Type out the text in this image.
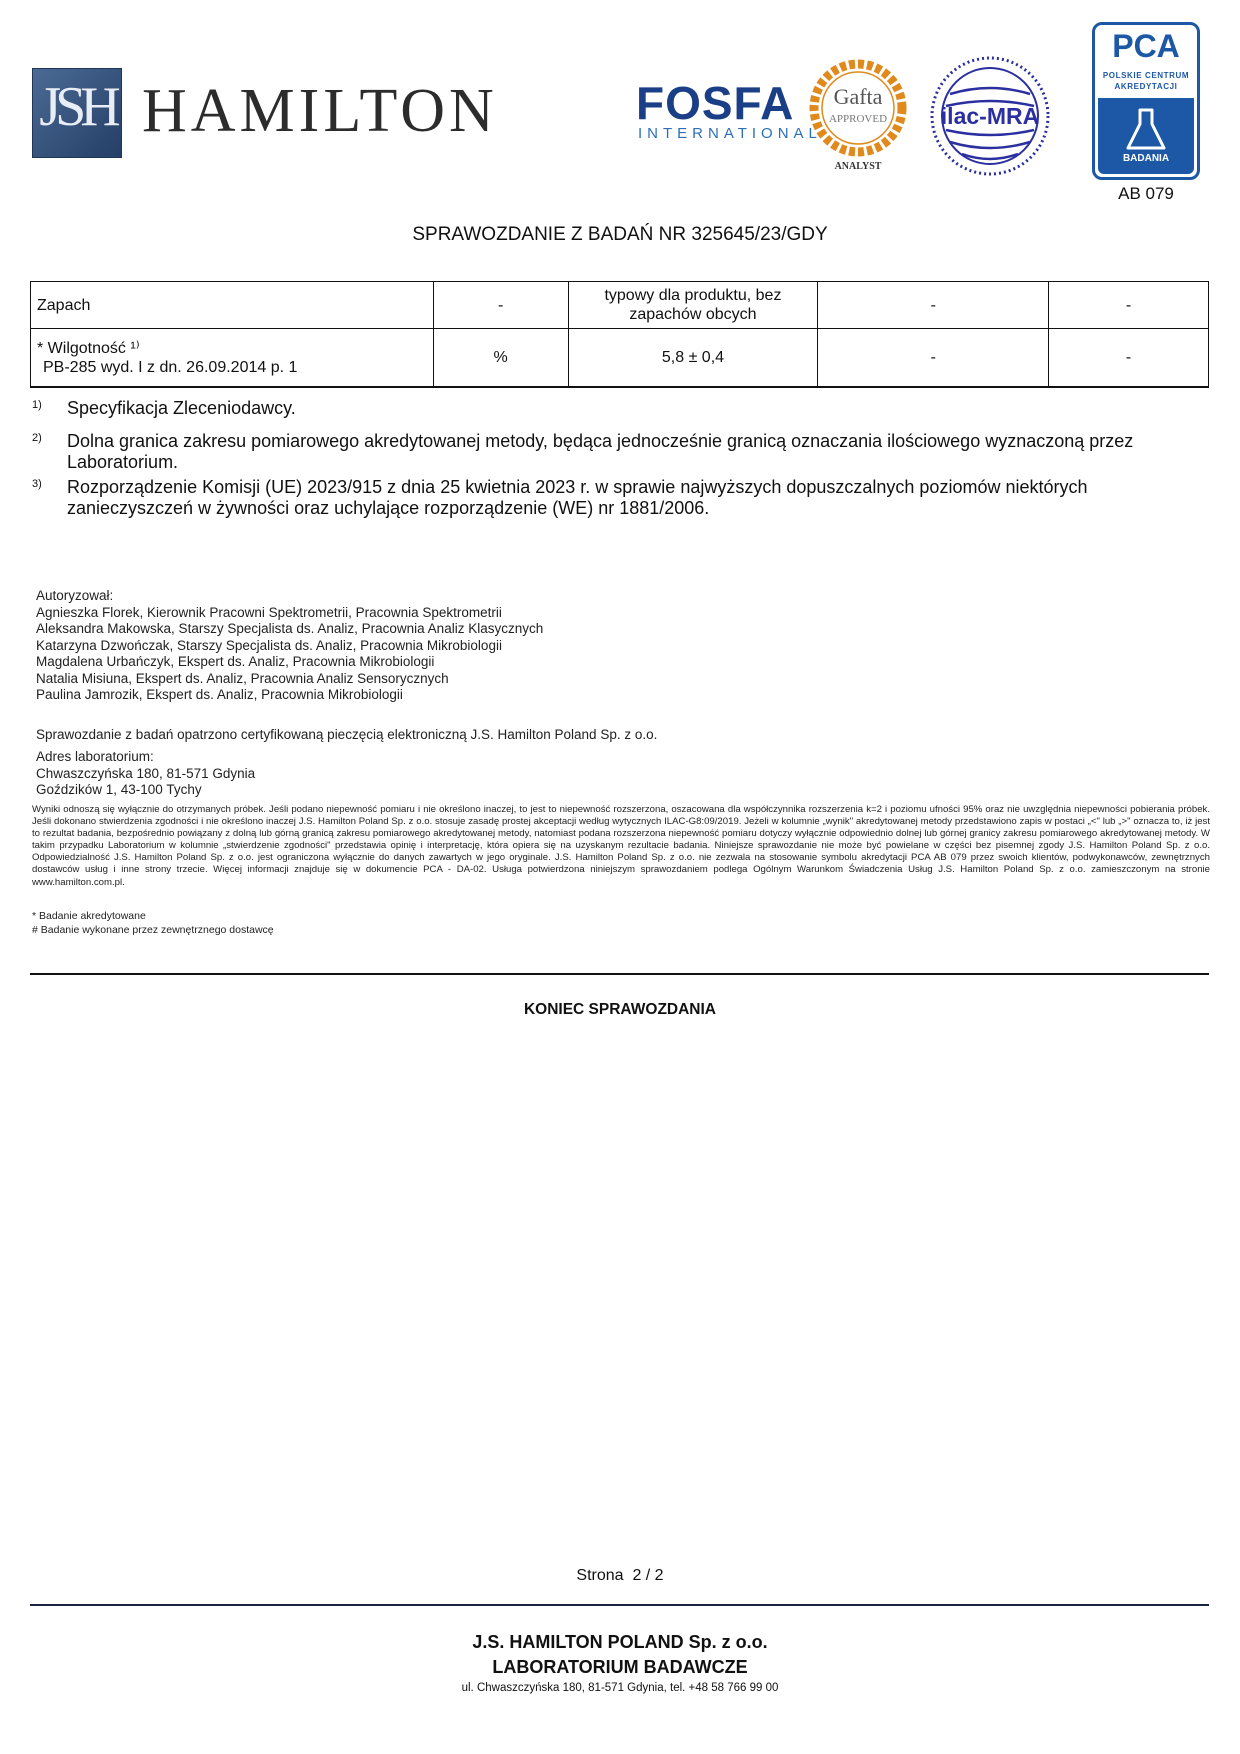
JSH HAMILTON	FOSFA
INTERNATIONAL
Gafta
APPROVED
ANALYST
ilac-MRA
PCA
POLSKIE CENTRUM
AKREDYTACJI
BADANIA
AB 079
SPRAWOZDANIE Z BADAŃ NR 325645/23/GDY
Zapach	-	typowy dla produktu, bez zapachów obcych	-	-

* Wilgotność ¹⁾
PB-285 wyd. I z dn. 26.09.2014 p. 1	%	5,8 ± 0,4	-	-
1) Specyfikacja Zleceniodawcy.
2) Dolna granica zakresu pomiarowego akredytowanej metody, będąca jednocześnie granicą oznaczania ilościowego wyznaczoną przez Laboratorium.
3) Rozporządzenie Komisji (UE) 2023/915 z dnia 25 kwietnia 2023 r. w sprawie najwyższych dopuszczalnych poziomów niektórych zanieczyszczeń w żywności oraz uchylające rozporządzenie (WE) nr 1881/2006.
Autoryzował:
Agnieszka Florek, Kierownik Pracowni Spektrometrii, Pracownia Spektrometrii
Aleksandra Makowska, Starszy Specjalista ds. Analiz, Pracownia Analiz Klasycznych
Katarzyna Dzwończak, Starszy Specjalista ds. Analiz, Pracownia Mikrobiologii
Magdalena Urbańczyk, Ekspert ds. Analiz, Pracownia Mikrobiologii
Natalia Misiuna, Ekspert ds. Analiz, Pracownia Analiz Sensorycznych
Paulina Jamrozik, Ekspert ds. Analiz, Pracownia Mikrobiologii
Sprawozdanie z badań opatrzono certyfikowaną pieczęcią elektroniczną J.S. Hamilton Poland Sp. z o.o.
Adres laboratorium:
Chwaszczyńska 180, 81-571 Gdynia
Goździków 1, 43-100 Tychy
Wyniki odnoszą się wyłącznie do otrzymanych próbek. Jeśli podano niepewność pomiaru i nie określono inaczej, to jest to niepewność rozszerzona, oszacowana dla współczynnika rozszerzenia k=2 i poziomu ufności 95% oraz nie uwzględnia niepewności pobierania próbek. Jeśli dokonano stwierdzenia zgodności i nie określono inaczej J.S. Hamilton Poland Sp. z o.o. stosuje zasadę prostej akceptacji według wytycznych ILAC-G8:09/2019. Jeżeli w kolumnie „wynik" akredytowanej metody przedstawiono zapis w postaci „<" lub „>" oznacza to, iż jest to rezultat badania, bezpośrednio powiązany z dolną lub górną granicą zakresu pomiarowego akredytowanej metody, natomiast podana rozszerzona niepewność pomiaru dotyczy wyłącznie odpowiednio dolnej lub górnej granicy zakresu pomiarowego akredytowanej metody. W takim przypadku Laboratorium w kolumnie „stwierdzenie zgodności" przedstawia opinię i interpretację, która opiera się na uzyskanym rezultacie badania. Niniejsze sprawozdanie nie może być powielane w części bez pisemnej zgody J.S. Hamilton Poland Sp. z o.o. Odpowiedzialność J.S. Hamilton Poland Sp. z o.o. jest ograniczona wyłącznie do danych zawartych w jego oryginale. J.S. Hamilton Poland Sp. z o.o. nie zezwala na stosowanie symbolu akredytacji PCA AB 079 przez swoich klientów, podwykonawców, zewnętrznych dostawców usług i inne strony trzecie. Więcej informacji znajduje się w dokumencie PCA - DA-02. Usługa potwierdzona niniejszym sprawozdaniem podlega Ogólnym Warunkom Świadczenia Usług J.S. Hamilton Poland Sp. z o.o. zamieszczonym na stronie www.hamilton.com.pl.
* Badanie akredytowane
# Badanie wykonane przez zewnętrznego dostawcę
KONIEC SPRAWOZDANIA
Strona 2 / 2
J.S. HAMILTON POLAND Sp. z o.o.
LABORATORIUM BADAWCZE
ul. Chwaszczyńska 180, 81-571 Gdynia, tel. +48 58 766 99 00
